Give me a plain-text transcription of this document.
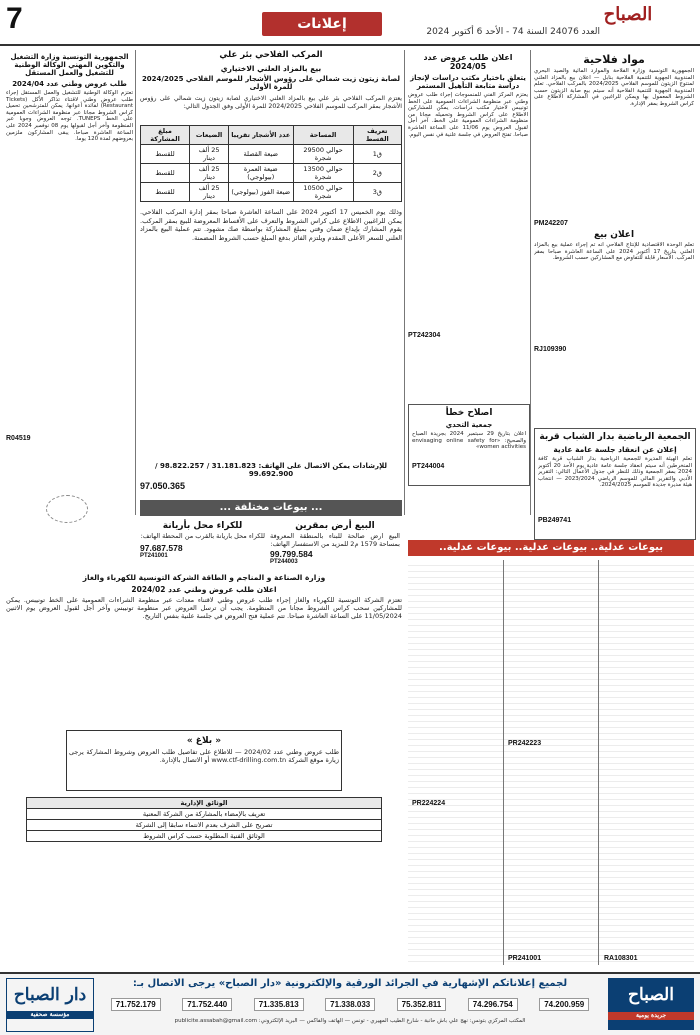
7	إعلانات	الصباح
العدد 24076 السنة 74 - الأحد 6 أكتوبر 2024
مواد فلاحية
الجمهورية التونسية وزارة الفلاحة والموارد المائية والصيد البحري المندوبية الجهوية للتنمية الفلاحية بنابل — اعلان بيع بالمزاد العلني لمنتوج الزيتون للموسم الفلاحي 2024/2025 بالمركب الفلاحي. تعلم المندوبية الجهوية للتنمية الفلاحية أنه سيتم بيع صابة الزيتون حسب الشروط المعمول بها ويمكن للراغبين في المشاركة الاطلاع على كراس الشروط بمقر الإدارة.
PM242207
اعلان بيع
تعلم الوحدة الاقتصادية للإنتاج الفلاحي أنه تم إجراء عملية بيع بالمزاد العلني بتاريخ 17 أكتوبر 2024 على الساعة العاشرة صباحا بمقر المركب. الأسعار قابلة للتفاوض مع المشاركين حسب الشروط.
RJ109390
الجمعية الرياضية بدار الشباب قربة
إعلان عن انعقاد جلسة عامة عادية
تعلم الهيئة المديرة للجمعية الرياضية بدار الشباب قربة كافة المنخرطين أنه سيتم انعقاد جلسة عامة عادية يوم الأحد 20 أكتوبر 2024 بمقر الجمعية وذلك للنظر في جدول الأعمال التالي: التقرير الأدبي والتقرير المالي للموسم الرياضي 2023/2024 — انتخاب هيئة مديرة جديدة للموسم 2024/2025.
PB249741
اعلان طلب عروض عدد 2024/05
يتعلق باختيار مكتب دراسات لإنجاز دراسة متابعة التأهيل المستمر
يعتزم المركز الفني للمنسوجات إجراء طلب عروض وطني عبر منظومة الشراءات العمومية على الخط تونيبس لاختيار مكتب دراسات. يمكن للمشاركين الاطلاع على كراس الشروط وتحميله مجانا من منظومة الشراءات العمومية على الخط. آخر أجل لقبول العروض يوم 11/06 على الساعة العاشرة صباحا. تفتح العروض في جلسة علنية في نفس اليوم.
PT242304
اصلاح خطأ
جمعية التحدي
اعلان بتاريخ 29 سبتمبر 2024 بجريدة الصباح والصحيح: «envisaging online safety for women activities»
PT244004
المركب الفلاحي بئر علي
بيع بالمزاد العلني الاختياري
لصابة زيتون زيت شمالي على رؤوس الأشجار للموسم الفلاحي 2024/2025 للمرة الأولى
يعتزم المركب الفلاحي بئر علي بيع بالمزاد العلني الاختياري لصابة زيتون زيت شمالي على رؤوس الأشجار بمقر المركب للموسم الفلاحي 2024/2025 للمرة الأولى وفق الجدول التالي:
تعريف القسط	المساحة	عدد الأشجار تقريبا	الضيعات	مبلغ المشاركة
ق1	حوالي 29500 شجرة	ضيعة القصلة	25 ألف دينار	للقسط
ق2	حوالي 13500 شجرة	ضيعة العمرة (بيولوجي)	25 ألف دينار	للقسط
ق3	حوالي 10500 شجرة	ضيعة الفوز (بيولوجي)	25 ألف دينار	للقسط
وذلك يوم الخميس 17 أكتوبر 2024 على الساعة العاشرة صباحا بمقر إدارة المركب الفلاحي. يمكن للراغبين الاطلاع على كراس الشروط والتعرف على الأقساط المعروضة للبيع بمقر المركب. يقوم المشارك بإيداع ضمان وقتي بمبلغ المشاركة بواسطة صك مشهود. تتم عملية البيع بالمزاد العلني للسعر الأعلى المقدم ويلتزم الفائز بدفع المبلغ حسب الشروط المضمنة.
للإرشادات يمكن الاتصال على الهاتف: 31.181.823 / 98.822.257 / 99.692.900
97.050.365
الجمهورية التونسية وزارة التشغيل والتكوين المهني الوكالة الوطنية للتشغيل والعمل المستقل
طلب عروض وطني عدد 2024/04
تعتزم الوكالة الوطنية للتشغيل والعمل المستقل إجراء طلب عروض وطني لاقتناء تذاكر الأكل (Tickets Restaurant) لفائدة أعوانها. يمكن للمترشحين تحميل كراس الشروط مجانا عبر منظومة الشراءات العمومية على الخط TUNEPS. توجه العروض وجوبا عبر المنظومة وآخر أجل لقبولها يوم 08 نوفمبر 2024 على الساعة العاشرة صباحا. يبقى المشاركون ملزمين بعروضهم لمدة 120 يوما.
R04519
... بيوعات مختلفة ...
البيع أرض بمقرين
البيع أرض صالحة للبناء بالمنطقة المعروفة بمساحة 1579 م2 للمزيد من الاستفسار الهاتف:
99.799.584
PT244003
للكراء محل بأريانة
للكراء محل بأريانة بالقرب من المحطة الهاتف:
97.687.578
PT241001
وزارة الصناعة و المناجم و الطاقة الشركة التونسية للكهرباء والغاز
اعلان طلب عروض وطني عدد 2024/02
تعتزم الشركة التونسية للكهرباء والغاز إجراء طلب عروض وطني لاقتناء معدات عبر منظومة الشراءات العمومية على الخط تونيبس. يمكن للمشاركين سحب كراس الشروط مجانا من المنظومة. يجب أن ترسل العروض عبر منظومة تونيبس وآخر أجل لقبول العروض يوم الاثنين 11/05/2024 على الساعة العاشرة صباحا. تتم عملية فتح العروض في جلسة علنية بنفس التاريخ.
« بلاغ »
طلب عروض وطني عدد 2024/02 — للاطلاع على تفاصيل طلب العروض وشروط المشاركة يرجى زيارة موقع الشركة www.ctf-drilling.com.tn أو الاتصال بالإدارة.
الوثائق الإدارية
تعريف بالإمضاء بالمشاركة من الشركة المعنية
تصريح على الشرف بعدم الانتماء سابقا إلى الشركة
الوثائق الفنية المطلوبة حسب كراس الشروط
بيوعات عدلية.. بيوعات عدلية.. بيوعات عدلية..
PR224224
PR242223
RA108301
PR241001
الصباح
جريدة يومية
دار الصباح
مؤسسة صحفية
لجميع إعلاناتكم الإشهارية في الجرائد الورقية والإلكترونية «دار الصباح» يرجى الاتصال بـ:
71.752.179	71.752.440	71.335.813	71.338.033	75.352.811	74.296.754	74.200.959
المكتب المركزي بتونس: نهج علي باش حانبة - شارع الطيب المهيري - تونس — الهاتف والفاكس — البريد الإلكتروني: publicite.assabah@gmail.com
